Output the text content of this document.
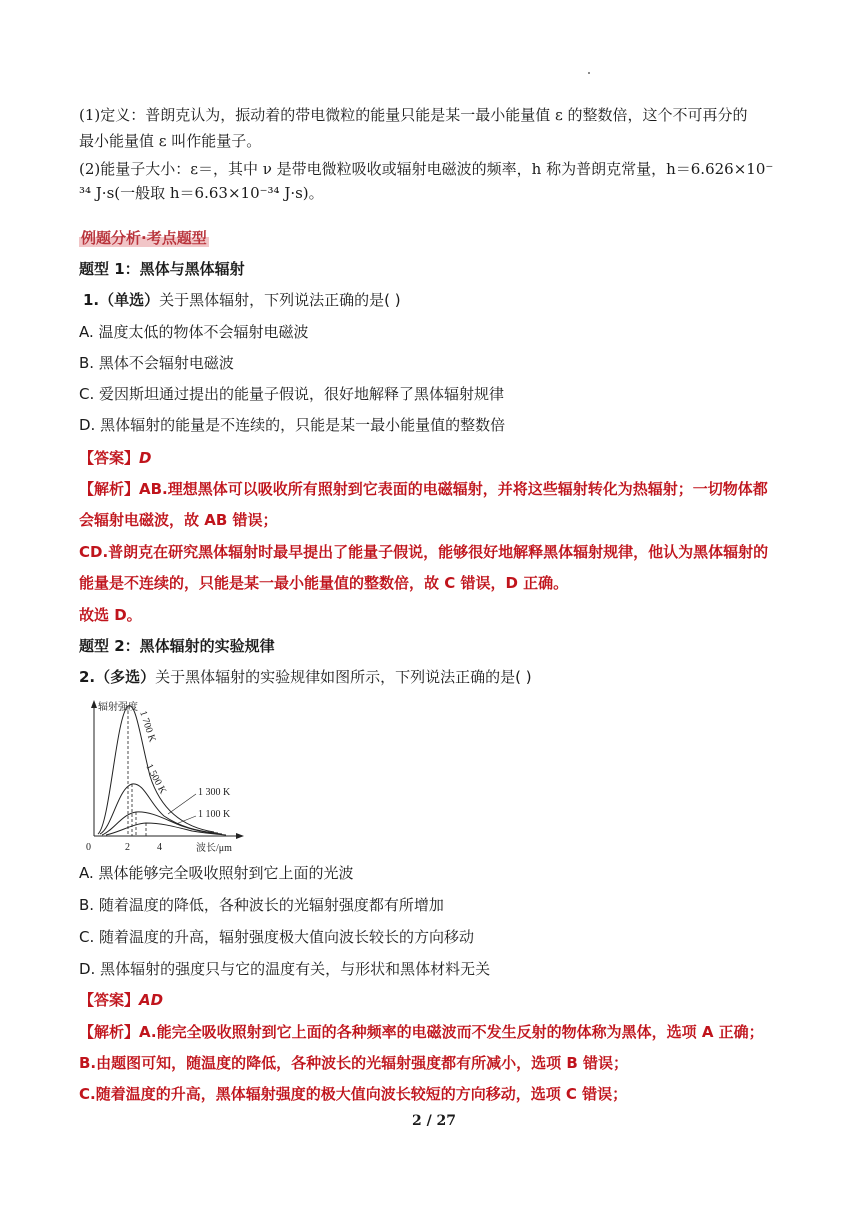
(1)定义：普朗克认为，振动着的带电微粒的能量只能是某一最小能量值 ε 的整数倍，这个不可再分的
最小能量值 ε 叫作能量子。
(2)能量子大小：ε＝，其中 ν 是带电微粒吸收或辐射电磁波的频率，h 称为普朗克常量，h＝6.626×10⁻
³⁴ J·s(一般取 h＝6.63×10⁻³⁴ J·s)。
例题分析·考点题型
题型 1：黑体与黑体辐射
1.（单选）关于黑体辐射，下列说法正确的是( )
A. 温度太低的物体不会辐射电磁波
B. 黑体不会辐射电磁波
C. 爱因斯坦通过提出的能量子假说，很好地解释了黑体辐射规律
D. 黑体辐射的能量是不连续的，只能是某一最小能量值的整数倍
【答案】D
【解析】AB.理想黑体可以吸收所有照射到它表面的电磁辐射，并将这些辐射转化为热辐射；一切物体都
会辐射电磁波，故 AB 错误；
CD.普朗克在研究黑体辐射时最早提出了能量子假说，能够很好地解释黑体辐射规律，他认为黑体辐射的
能量是不连续的，只能是某一最小能量值的整数倍，故 C 错误，D 正确。
故选 D。
题型 2：黑体辐射的实验规律
2.（多选）关于黑体辐射的实验规律如图所示，下列说法正确的是( )
辐射强度
波长/μm
0	2	4
1 700 K
1 500 K	1 300 K
1 100 K
A. 黑体能够完全吸收照射到它上面的光波
B. 随着温度的降低，各种波长的光辐射强度都有所增加
C. 随着温度的升高，辐射强度极大值向波长较长的方向移动
D. 黑体辐射的强度只与它的温度有关，与形状和黑体材料无关
【答案】AD
【解析】A.能完全吸收照射到它上面的各种频率的电磁波而不发生反射的物体称为黑体，选项 A 正确；
B.由题图可知，随温度的降低，各种波长的光辐射强度都有所减小，选项 B 错误；
C.随着温度的升高，黑体辐射强度的极大值向波长较短的方向移动，选项 C 错误；
2 / 27
